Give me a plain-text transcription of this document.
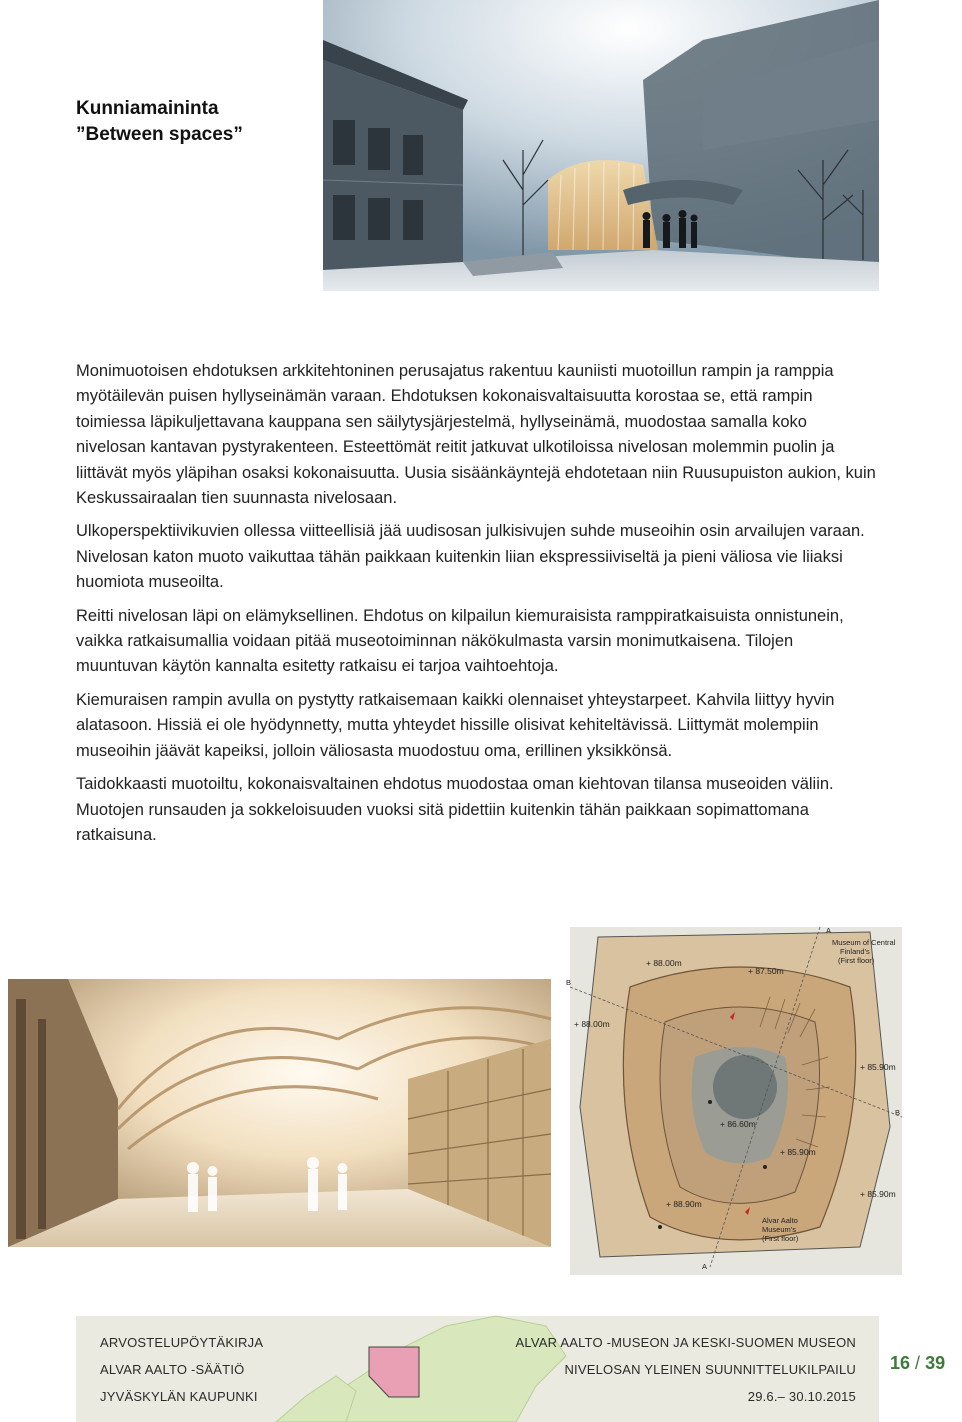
Kunniamaininta
”Between spaces”

Monimuotoisen ehdotuksen arkkitehtoninen perusajatus rakentuu kauniisti muotoillun rampin ja ramppia myötäilevän puisen hyllyseinämän varaan. Ehdotuksen kokonaisvaltaisuutta korostaa se, että rampin toimiessa läpikuljettavana kauppana sen säilytysjärjestelmä, hyllyseinämä, muodostaa samalla koko nivelosan kantavan pystyrakenteen. Esteettömät reitit jatkuvat ulkotiloissa nivelosan molemmin puolin ja liittävät myös yläpihan osaksi kokonaisuutta. Uusia sisäänkäyntejä ehdotetaan niin Ruusupuiston aukion, kuin Keskussairaalan tien suunnasta nivelosaan.

Ulkoperspektiivikuvien ollessa viitteellisiä jää uudisosan julkisivujen suhde museoihin osin arvailujen varaan. Nivelosan katon muoto vaikuttaa tähän paikkaan kuitenkin liian ekspressiiviseltä ja pieni väliosa vie liiaksi huomiota museoilta.

Reitti nivelosan läpi on elämyksellinen. Ehdotus on kilpailun kiemuraisista ramppiratkaisuista onnistunein, vaikka ratkaisumallia voidaan pitää museotoiminnan näkökulmasta varsin monimutkaisena. Tilojen muuntuvan käytön kannalta esitetty ratkaisu ei tarjoa vaihtoehtoja.

Kiemuraisen rampin avulla on pystytty ratkaisemaan kaikki olennaiset yhteystarpeet. Kahvila liittyy hyvin alatasoon. Hissiä ei ole hyödynnetty, mutta yhteydet hissille olisivat kehiteltävissä. Liittymät molempiin museoihin jäävät kapeiksi, jolloin väliosasta muodostuu oma, erillinen yksikkönsä.

Taidokkaasti muotoiltu, kokonaisvaltainen ehdotus muodostaa oman kiehtovan tilansa museoiden väliin. Muotojen runsauden ja sokkeloisuuden vuoksi sitä pidettiin kuitenkin tähän paikkaan sopimattomana ratkaisuna.

A
A
B
B
Museum of Central
Finland's
(First floor)
Alvar Aalto
Museum's
(First floor)
+ 88.00m
+ 87.50m
+ 88.00m
+ 85.90m
+ 86.60m
+ 85.90m
+ 88.90m
+ 85.90m
ARVOSTELUPÖYTÄKIRJA
ALVAR AALTO -SÄÄTIÖ
JYVÄSKYLÄN KAUPUNKI
ALVAR AALTO -MUSEON JA KESKI-SUOMEN MUSEON
NIVELOSAN YLEINEN SUUNNITTELUKILPAILU
29.6.– 30.10.2015
16 / 39
